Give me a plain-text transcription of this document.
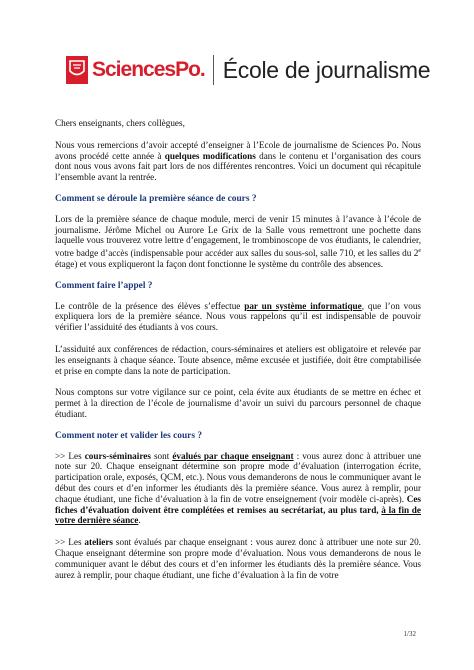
SciencesPo. École de journalisme

Chers enseignants, chers collègues,

Nous vous remercions d’avoir accepté d’enseigner à l’Ecole de journalisme de Sciences Po. Nous avons procédé cette année à quelques modifications dans le contenu et l’organisation des cours dont nous vous avons fait part lors de nos différentes rencontres. Voici un document qui récapitule l’ensemble avant la rentrée.

Comment se déroule la première séance de cours ?

Lors de la première séance de chaque module, merci de venir 15 minutes à l’avance à l’école de journalisme. Jérôme Michel ou Aurore Le Grix de la Salle vous remettront une pochette dans laquelle vous trouverez votre lettre d’engagement, le trombinoscope de vos étudiants, le calendrier, votre badge d’accès (indispensable pour accéder aux salles du sous-sol, salle 710, et les salles du 2e étage) et vous expliqueront la façon dont fonctionne le système du contrôle des absences.

Comment faire l’appel ?

Le contrôle de la présence des élèves s’effectue par un système informatique, que l’on vous expliquera lors de la première séance. Nous vous rappelons qu’il est indispensable de pouvoir vérifier l’assiduité des étudiants à vos cours.

L’assiduité aux conférences de rédaction, cours-séminaires et ateliers est obligatoire et relevée par les enseignants à chaque séance. Toute absence, même excusée et justifiée, doit être comptabilisée et prise en compte dans la note de participation.

Nous comptons sur votre vigilance sur ce point, cela évite aux étudiants de se mettre en échec et permet à la direction de l’école de journalisme d’avoir un suivi du parcours personnel de chaque étudiant.

Comment noter et valider les cours ?

>> Les cours-séminaires sont évalués par chaque enseignant : vous aurez donc à attribuer une note sur 20. Chaque enseignant détermine son propre mode d’évaluation (interrogation écrite, participation orale, exposés, QCM, etc.). Nous vous demanderons de nous le communiquer avant le début des cours et d’en informer les étudiants dès la première séance. Vous aurez à remplir, pour chaque étudiant, une fiche d’évaluation à la fin de votre enseignement (voir modèle ci-après). Ces fiches d’évaluation doivent être complétées et remises au secrétariat, au plus tard, à la fin de votre dernière séance.

>> Les ateliers sont évalués par chaque enseignant : vous aurez donc à attribuer une note sur 20. Chaque enseignant détermine son propre mode d’évaluation. Nous vous demanderons de nous le communiquer avant le début des cours et d’en informer les étudiants dès la première séance. Vous aurez à remplir, pour chaque étudiant, une fiche d’évaluation à la fin de votre

1/32
